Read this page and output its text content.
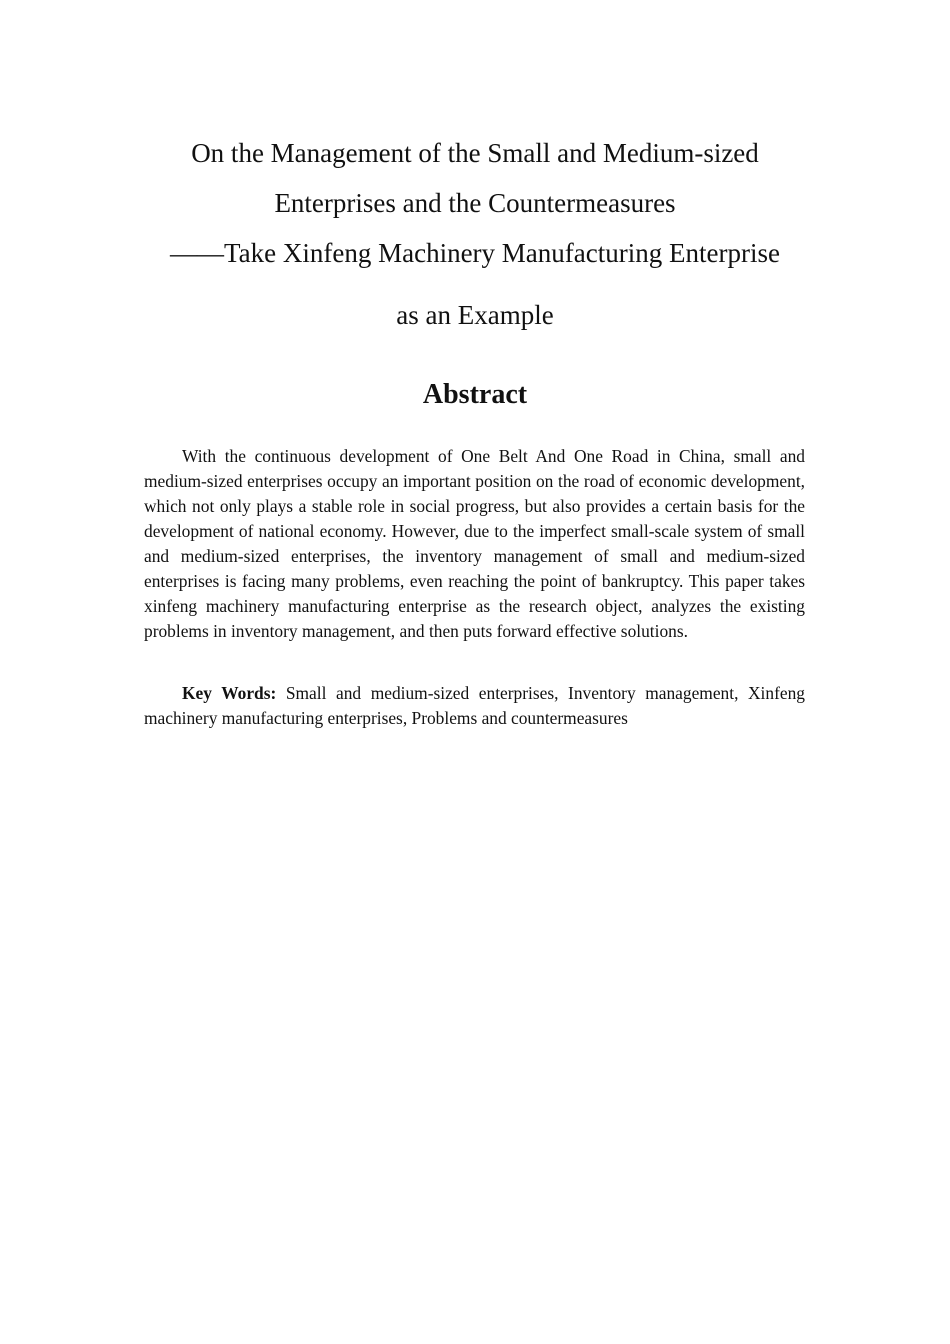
On the Management of the Small and Medium-sized
Enterprises and the Countermeasures
——Take Xinfeng Machinery Manufacturing Enterprise
as an Example
Abstract

With the continuous development of One Belt And One Road in China, small and medium-sized enterprises occupy an important position on the road of economic development, which not only plays a stable role in social progress, but also provides a certain basis for the development of national economy. However, due to the imperfect small-scale system of small and medium-sized enterprises, the inventory management of small and medium-sized enterprises is facing many problems, even reaching the point of bankruptcy. This paper takes xinfeng machinery manufacturing enterprise as the research object, analyzes the existing problems in inventory management, and then puts forward effective solutions.

Key Words: Small and medium-sized enterprises, Inventory management, Xinfeng machinery manufacturing enterprises, Problems and countermeasures
